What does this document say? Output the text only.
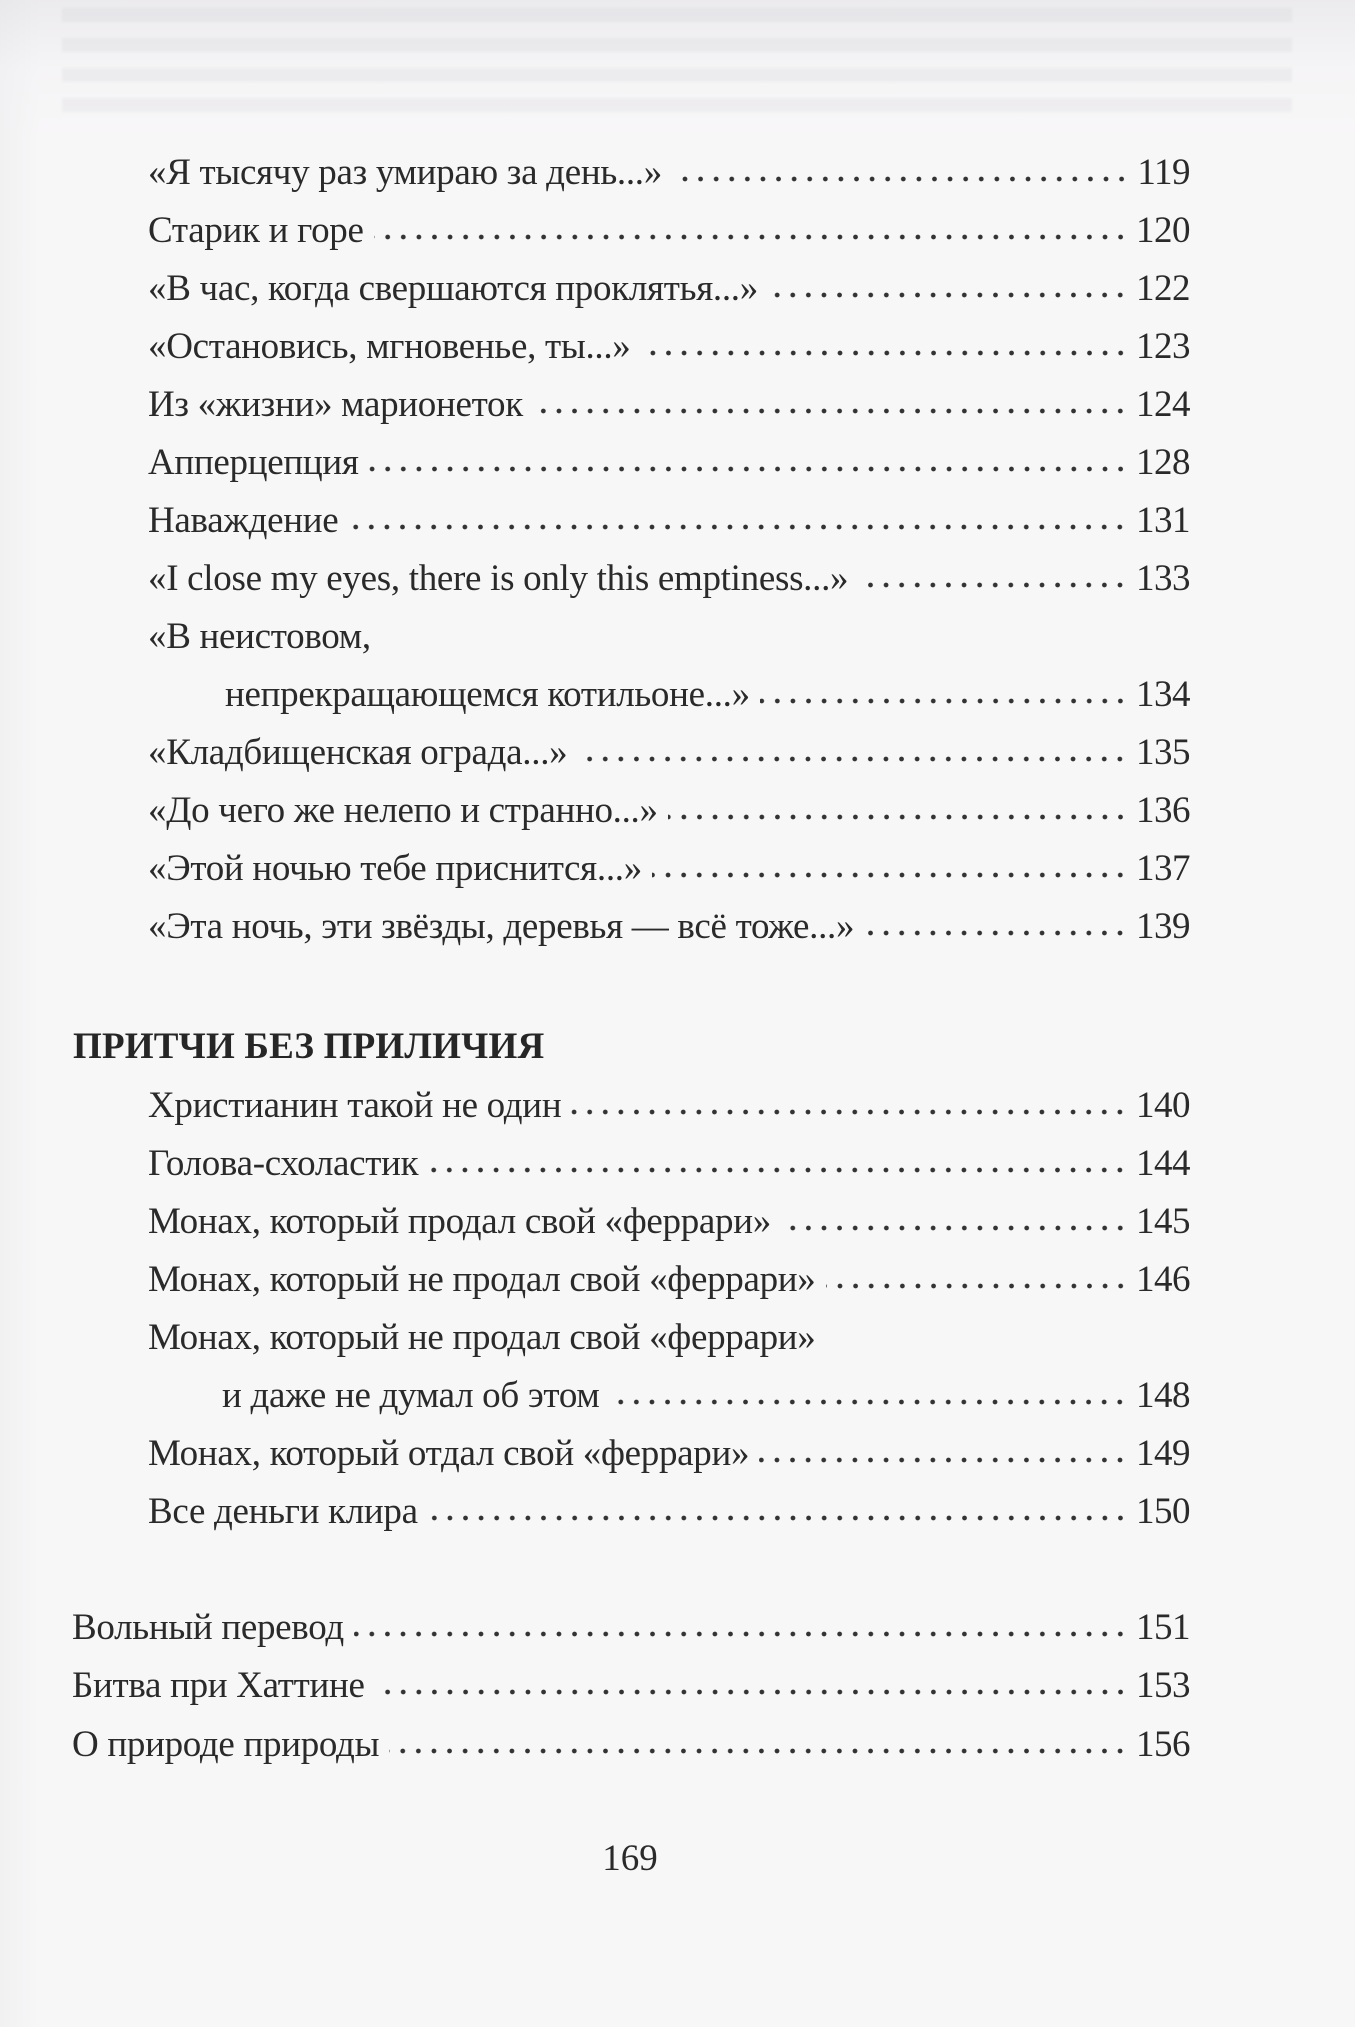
«Я тысячу раз умираю за день...»	119
Старик и горе	120
«В час, когда свершаются проклятья...»	122
«Остановись, мгновенье, ты...»	123
Из «жизни» марионеток	124
Апперцепция	128
Наваждение	131
«I close my eyes, there is only this emptiness...»	133
«В неистовом,
непрекращающемся котильоне...»	134
«Кладбищенская ограда...»	135
«До чего же нелепо и странно...»	136
«Этой ночью тебе приснится...»	137
«Эта ночь, эти звёзды, деревья — всё тоже...»	139
ПРИТЧИ БЕЗ ПРИЛИЧИЯ
Христианин такой не один	140
Голова-схоластик	144
Монах, который продал свой «феррари»	145
Монах, который не продал свой «феррари»	146
Монах, который не продал свой «феррари»
и даже не думал об этом	148
Монах, который отдал свой «феррари»	149
Все деньги клира	150
Вольный перевод	151
Битва при Хаттине	153
О природе природы	156
169
